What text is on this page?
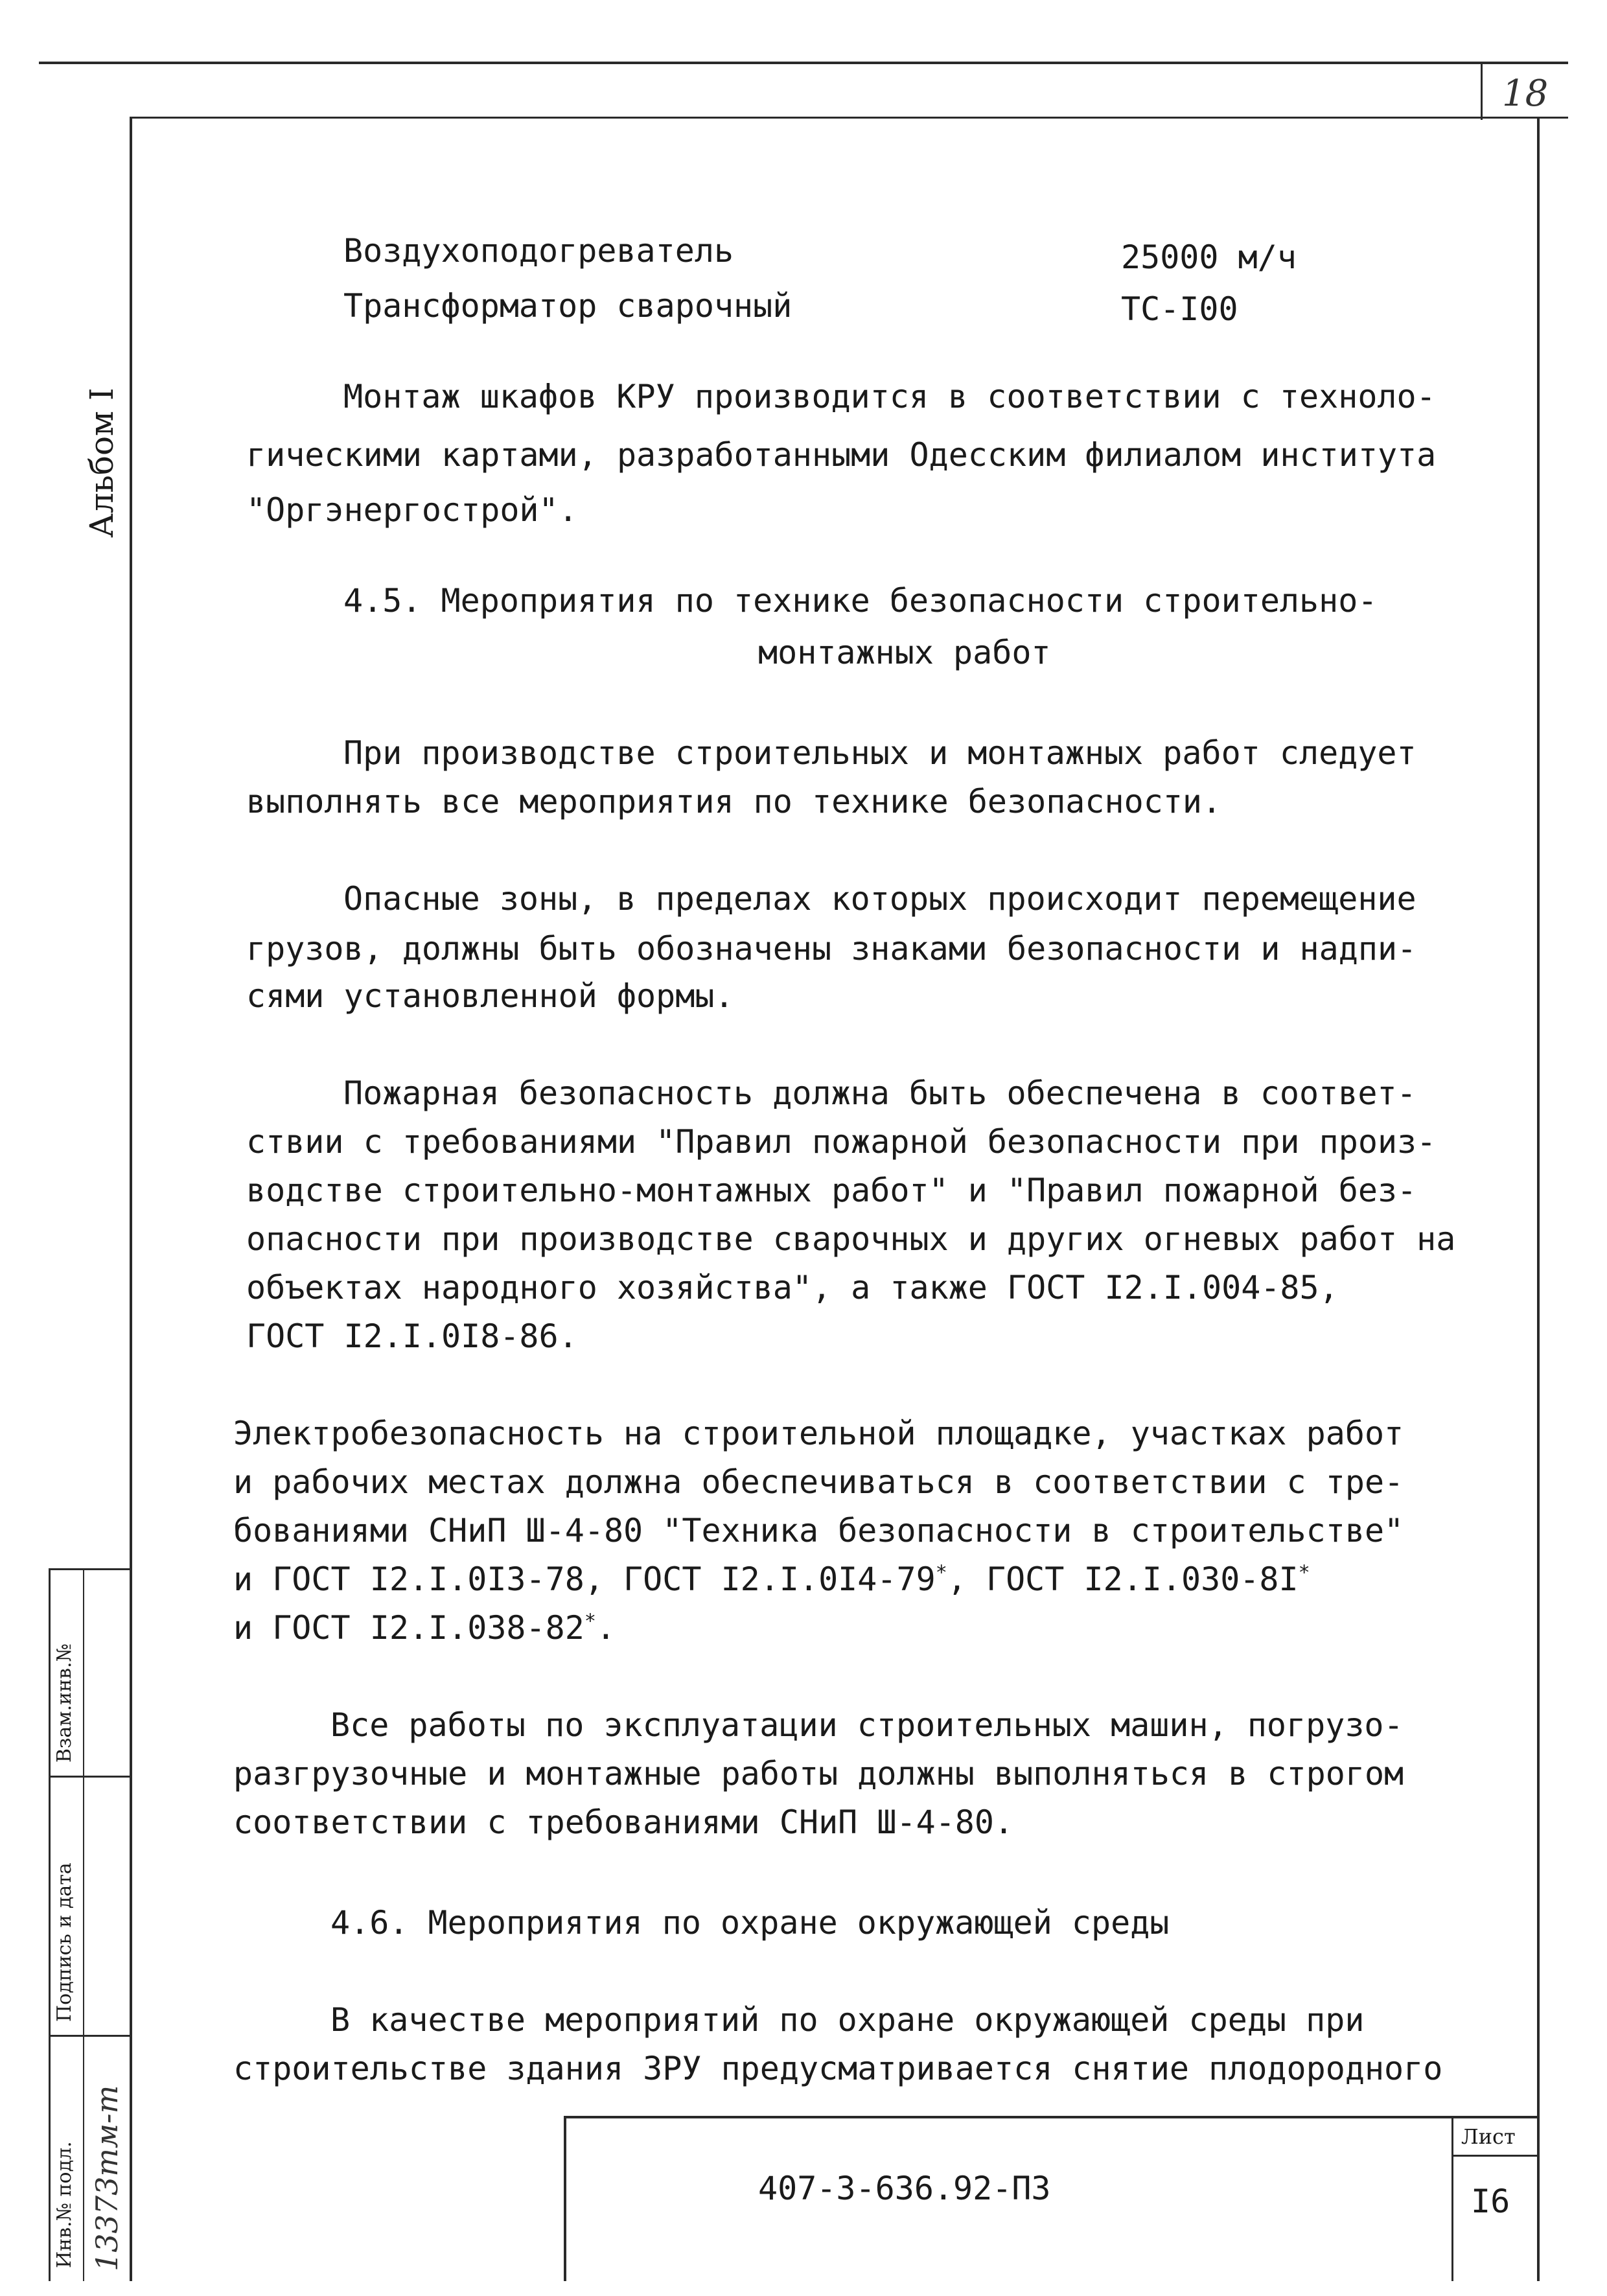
18
Альбом I
Воздухоподогреватель	25000 м/ч
Трансформатор сварочный	ТС-I00
Монтаж шкафов КРУ производится в соответствии с техноло-
гическими картами, разработанными Одесским филиалом института
"Оргэнергострой".
4.5. Мероприятия по технике безопасности строительно-
монтажных работ
При производстве строительных и монтажных работ следует
выполнять все мероприятия по технике безопасности.
Опасные зоны, в пределах которых происходит перемещение
грузов, должны быть обозначены знаками безопасности и надпи-
сями установленной формы.
Пожарная безопасность должна быть обеспечена в соответ-
ствии с требованиями "Правил пожарной безопасности при произ-
водстве строительно-монтажных работ" и "Правил пожарной без-
опасности при производстве сварочных и других огневых работ на
объектах народного хозяйства", а также ГОСТ I2.I.004-85,
ГОСТ I2.I.0I8-86.
Электробезопасность на строительной площадке, участках работ
и рабочих местах должна обеспечиваться в соответствии с тре-
бованиями СНиП Ш-4-80 "Техника безопасности в строительстве"
и ГОСТ I2.I.0I3-78, ГОСТ I2.I.0I4-79*, ГОСТ I2.I.030-8I*
и ГОСТ I2.I.038-82*.
Все работы по эксплуатации строительных машин, погрузо-
разгрузочные и монтажные работы должны выполняться в строгом
соответствии с требованиями СНиП Ш-4-80.
4.6. Мероприятия по охране окружающей среды
В качестве мероприятий по охране окружающей среды при
строительстве здания ЗРУ предусматривается снятие плодородного
Взам.инв.№
Подпись и дата
Инв.№ подл. 13373тм-т	407-3-636.92-ПЗ
Лист
I6
